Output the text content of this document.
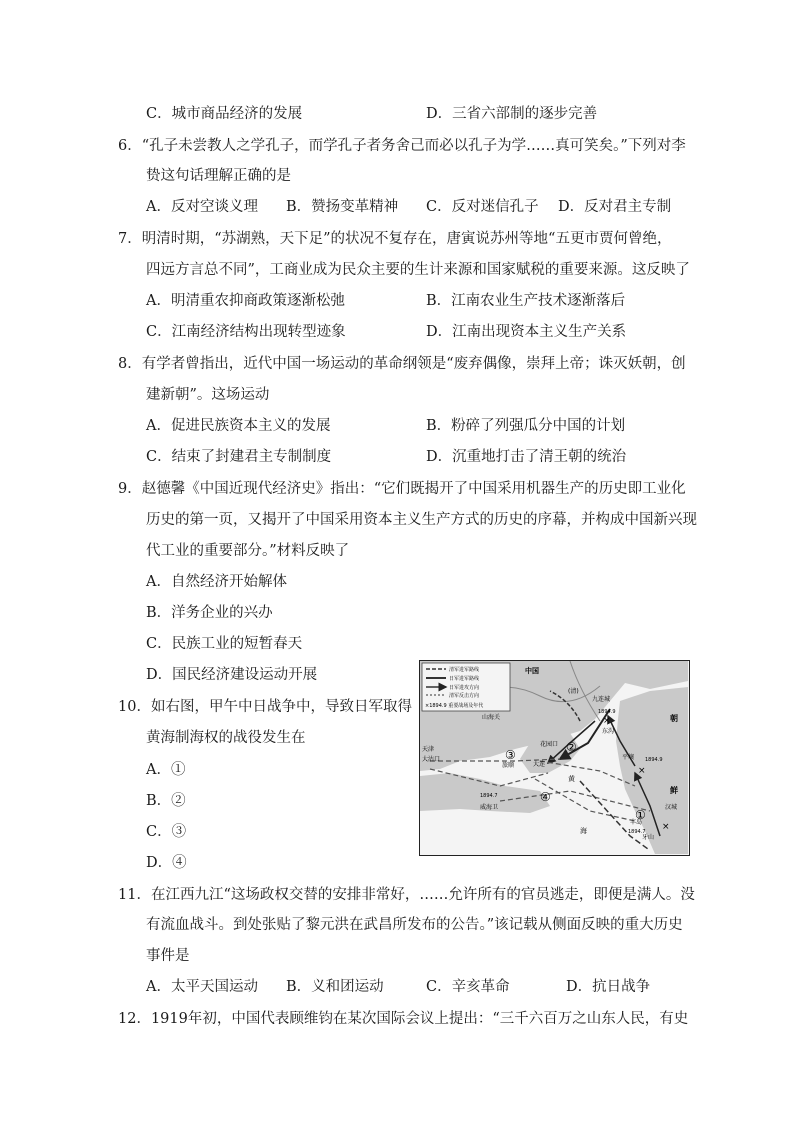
C．城市商品经济的发展	D．三省六部制的逐步完善
6．“孔子未尝教人之学孔子，而学孔子者务舍己而必以孔子为学……真可笑矣。”下列对李
贽这句话理解正确的是
A．反对空谈义理 B．赞扬变革精神 C．反对迷信孔子 D．反对君主专制
7．明清时期，“苏湖熟，天下足”的状况不复存在，唐寅说苏州等地“五更市贾何曾绝，
四远方言总不同”，工商业成为民众主要的生计来源和国家赋税的重要来源。这反映了
A．明清重农抑商政策逐渐松弛	B．江南农业生产技术逐渐落后
C．江南经济结构出现转型迹象	D．江南出现资本主义生产关系
8．有学者曾指出，近代中国一场运动的革命纲领是“废弃偶像，崇拜上帝；诛灭妖朝，创
建新朝”。这场运动
A．促进民族资本主义的发展	B．粉碎了列强瓜分中国的计划
C．结束了封建君主专制制度	D．沉重地打击了清王朝的统治
9．赵德馨《中国近现代经济史》指出：“它们既揭开了中国采用机器生产的历史即工业化
历史的第一页，又揭开了中国采用资本主义生产方式的历史的序幕，并构成中国新兴现
代工业的重要部分。”材料反映了
A．自然经济开始解体
B．洋务企业的兴办
C．民族工业的短暂春天
D．国民经济建设运动开展
10．如右图，甲午中日战争中，导致日军取得
黄海制海权的战役发生在
A．①
B．②
C．③
D．④
清军进军路线
日军进军路线
日军进攻方向
清军反击方向
×1894.9 重要战场及年代
×
×
×
中国
(清)
朝
鲜
山海关
天津
大沽口
九连城
东沟
花园口
旅顺	大连
平壤
汉城
威海卫
牙山
丰岛
黄
海
1894.9
1894.9
1894.7
1894.7
①
②
③
④
11．在江西九江“这场政权交替的安排非常好，……允许所有的官员逃走，即便是满人。没
有流血战斗。到处张贴了黎元洪在武昌所发布的公告。”该记载从侧面反映的重大历史
事件是
A．太平天国运动 B．义和团运动	C．辛亥革命	D．抗日战争
12．1919年初，中国代表顾维钧在某次国际会议上提出：“三千六百万之山东人民，有史
